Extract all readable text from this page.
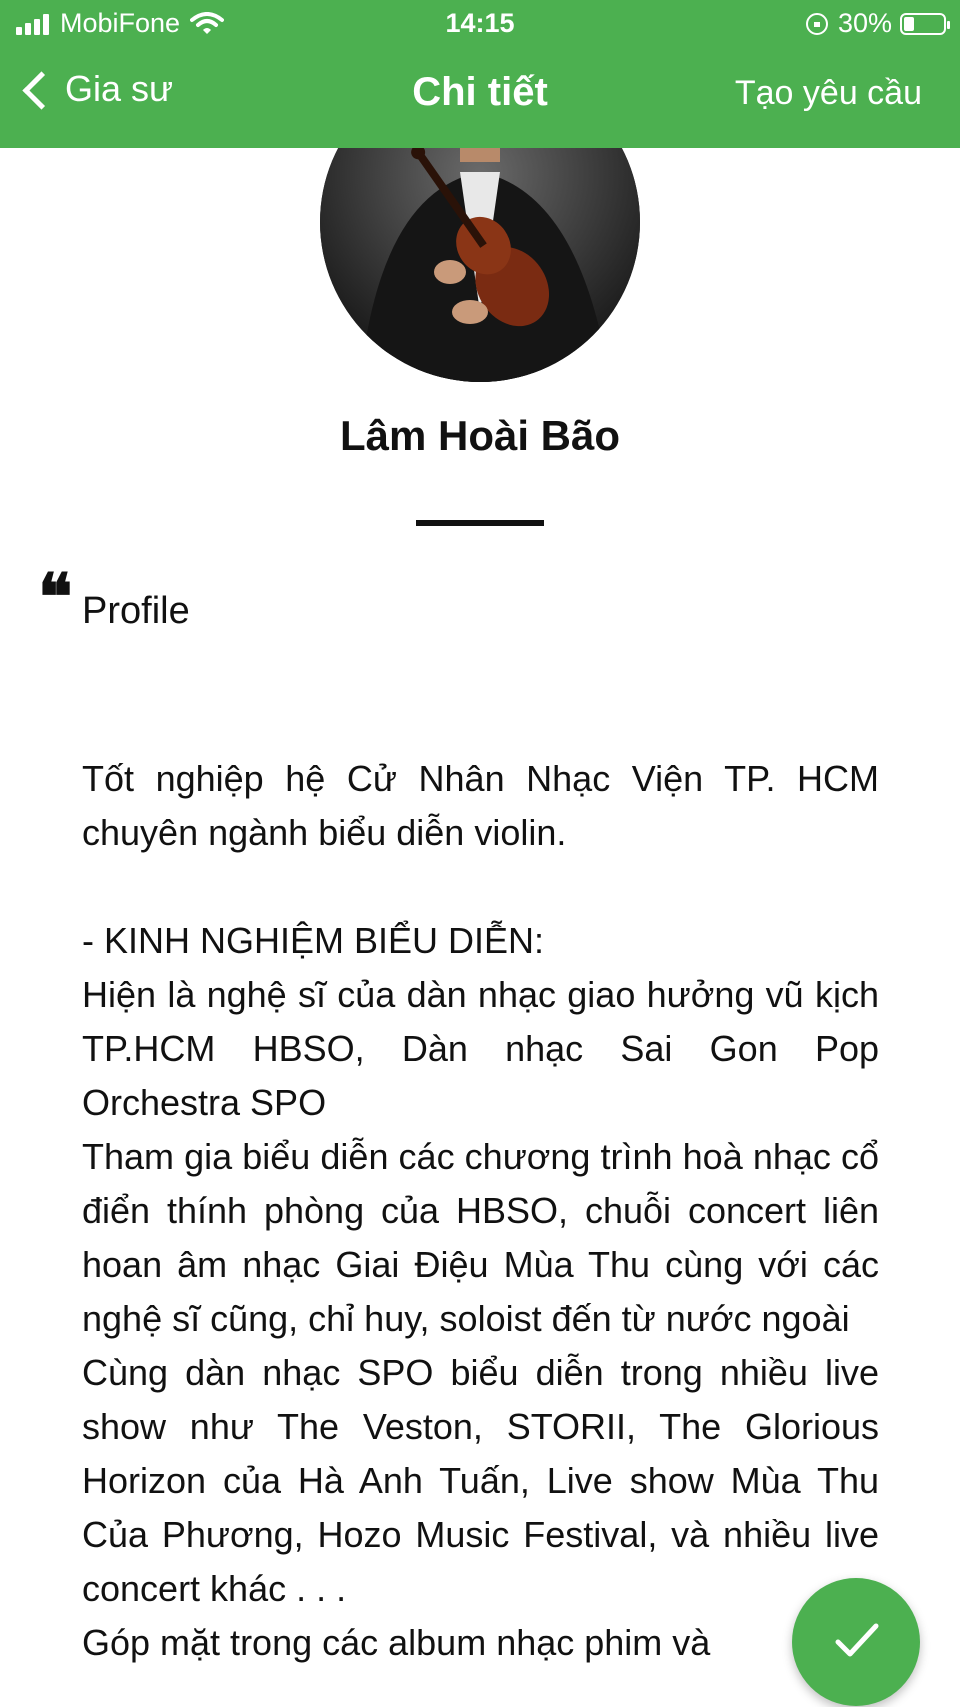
MobiFone	14:15	30%
Gia sư	Chi tiết	Tạo yêu cầu
Lâm Hoài Bão
❝ Profile

Tốt nghiệp hệ Cử Nhân Nhạc Viện TP. HCM chuyên ngành biểu diễn violin.

- KINH NGHIỆM BIỂU DIỄN:

Hiện là nghệ sĩ của dàn nhạc giao hưởng vũ kịch TP.HCM HBSO, Dàn nhạc Sai Gon Pop Orchestra SPO

Tham gia biểu diễn các chương trình hoà nhạc cổ điển thính phòng của HBSO, chuỗi concert liên hoan âm nhạc Giai Điệu Mùa Thu cùng với các nghệ sĩ cũng, chỉ huy, soloist đến từ nước ngoài

Cùng dàn nhạc SPO biểu diễn trong nhiều live show như The Veston, STORII, The Glorious Horizon của Hà Anh Tuấn, Live show Mùa Thu Của Phương, Hozo Music Festival, và nhiều live concert khác . . .

Góp mặt trong các album nhạc phim và
